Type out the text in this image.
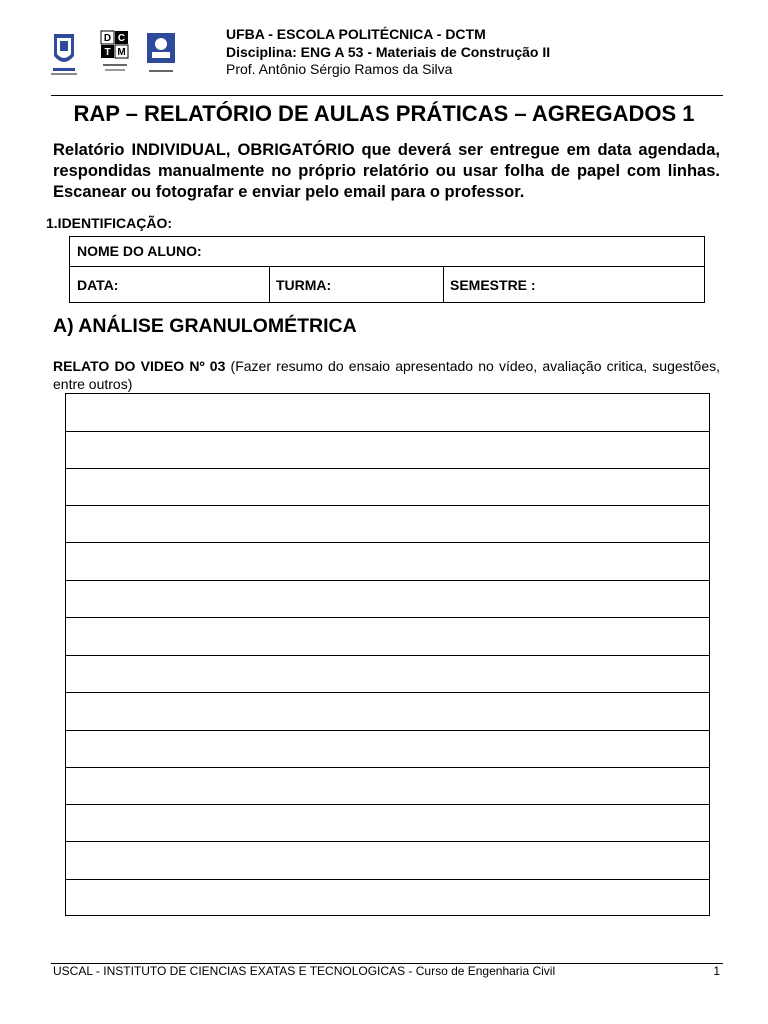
D C
T M
UFBA - ESCOLA POLITÉCNICA - DCTM
Disciplina: ENG A 53 - Materiais de Construção II
Prof. Antônio Sérgio Ramos da Silva
RAP – RELATÓRIO DE AULAS PRÁTICAS – AGREGADOS 1
Relatório INDIVIDUAL, OBRIGATÓRIO que deverá ser entregue em data agendada, respondidas manualmente no próprio relatório ou usar folha de papel com linhas. Escanear ou fotografar e enviar pelo email para o professor.
1.IDENTIFICAÇÃO:
NOME DO ALUNO:
DATA:	TURMA:	SEMESTRE :
A) ANÁLISE GRANULOMÉTRICA
RELATO DO VIDEO Nº 03 (Fazer resumo do ensaio apresentado no vídeo, avaliação critica, sugestões, entre outros)
USCAL - INSTITUTO DE CIENCIAS EXATAS E TECNOLOGICAS - Curso de Engenharia Civil	1
